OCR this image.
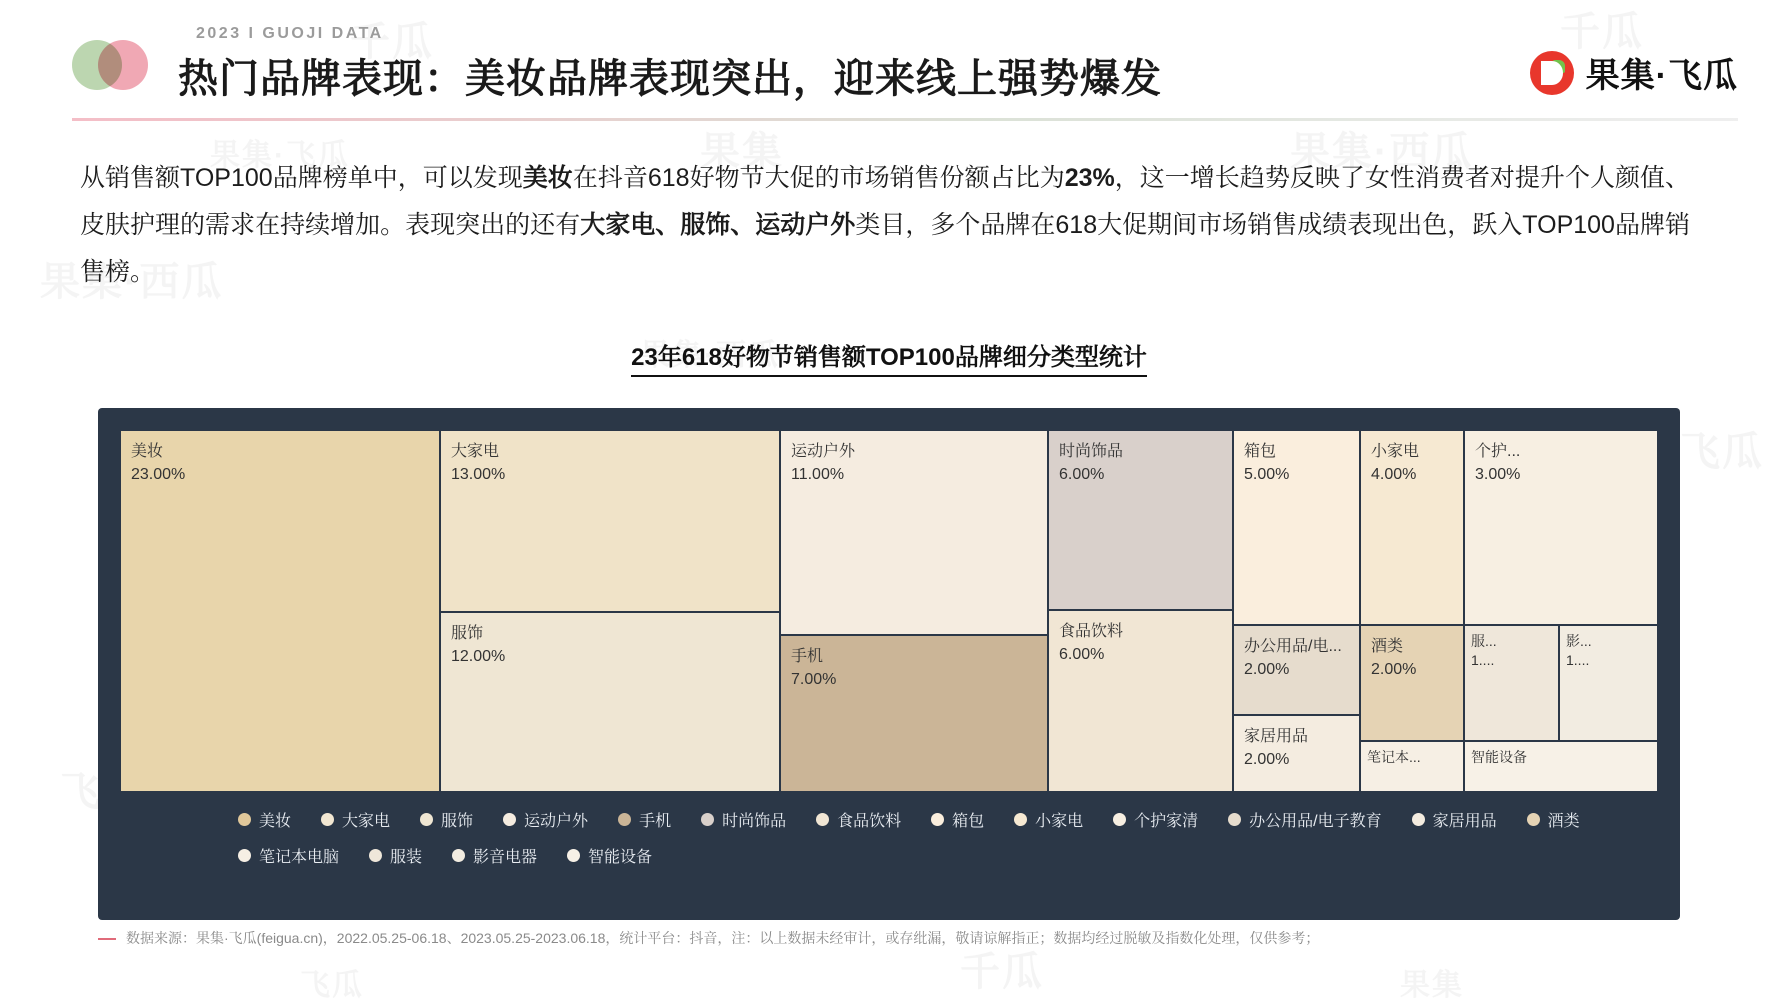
2023 I GUOJI DATA
热门品牌表现：美妆品牌表现突出，迎来线上强势爆发	果集·飞瓜
从销售额TOP100品牌榜单中，可以发现美妆在抖音618好物节大促的市场销售份额占比为23%，这一增长趋势反映了女性消费者对提升个人颜值、皮肤护理的需求在持续增加。表现突出的还有大家电、服饰、运动户外类目，多个品牌在618大促期间市场销售成绩表现出色，跃入TOP100品牌销售榜。
23年618好物节销售额TOP100品牌细分类型统计
美妆
23.00%
大家电
13.00%
服饰
12.00%
运动户外
11.00%
手机
7.00%
时尚饰品
6.00%
食品饮料
6.00%
箱包
5.00%
办公用品/电...
2.00%
家居用品
2.00%
小家电
4.00%
酒类
2.00%
笔记本...
个护...
3.00%
服...
1....
影...
1....
智能设备
美妆	大家电	服饰	运动户外	手机	时尚饰品	食品饮料	箱包	小家电	个护家清	办公用品/电子教育	家居用品	酒类
笔记本电脑	服装	影音电器	智能设备
数据来源：果集·飞瓜(feigua.cn)，2022.05.25-06.18、2023.05.25-2023.06.18，统计平台：抖音，注：以上数据未经审计，或存纰漏，敬请谅解指正；数据均经过脱敏及指数化处理，仅供参考；
